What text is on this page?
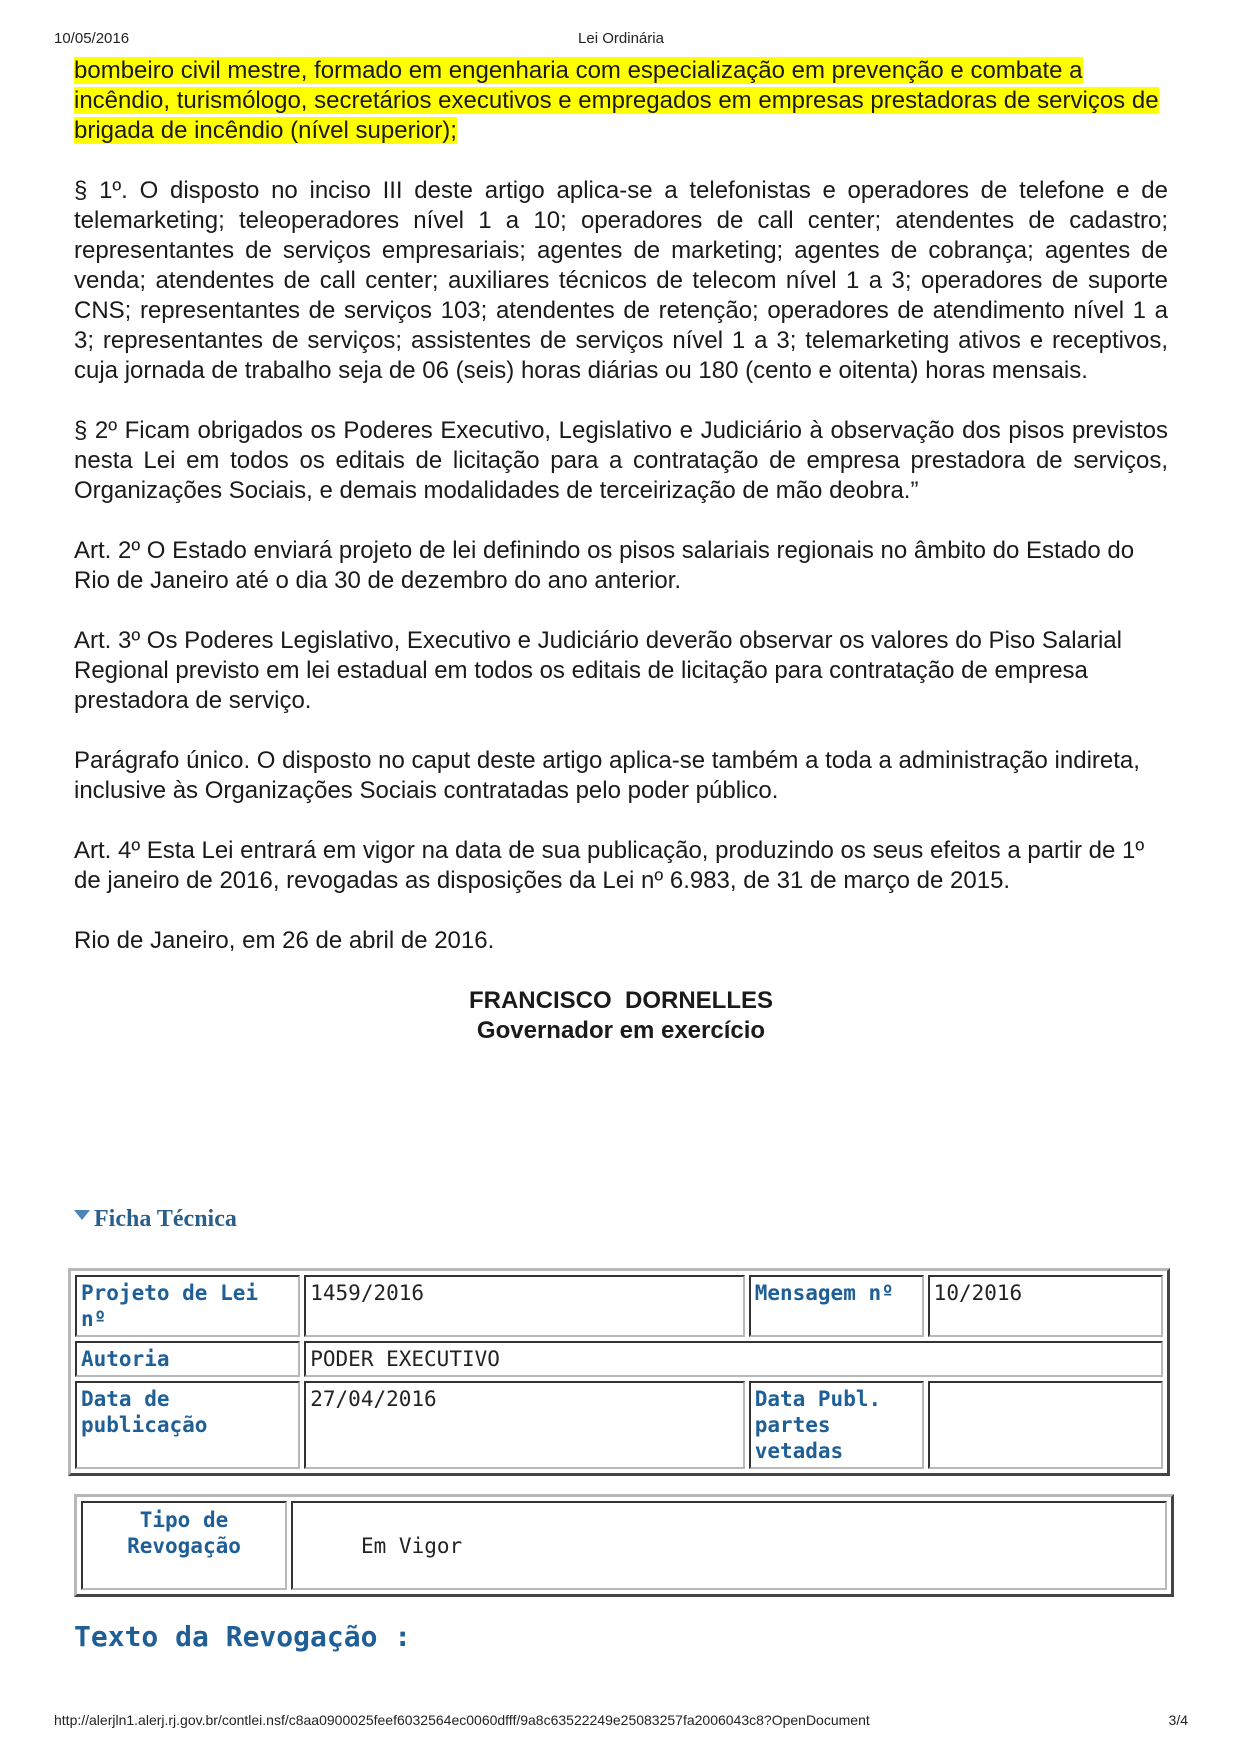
10/05/2016	Lei Ordinária

bombeiro civil mestre, formado em engenharia com especialização em prevenção e combate a incêndio, turismólogo, secretários executivos e empregados em empresas prestadoras de serviços de brigada de incêndio (nível superior);

§ 1º. O disposto no inciso III deste artigo aplica-se a telefonistas e operadores de telefone e de telemarketing; teleoperadores nível 1 a 10; operadores de call center; atendentes de cadastro; representantes de serviços empresariais; agentes de marketing; agentes de cobrança; agentes de venda; atendentes de call center; auxiliares técnicos de telecom nível 1 a 3; operadores de suporte CNS; representantes de serviços 103; atendentes de retenção; operadores de atendimento nível 1 a 3; representantes de serviços; assistentes de serviços nível 1 a 3; telemarketing ativos e receptivos, cuja jornada de trabalho seja de 06 (seis) horas diárias ou 180 (cento e oitenta) horas mensais.

§ 2º Ficam obrigados os Poderes Executivo, Legislativo e Judiciário à observação dos pisos previstos nesta Lei em todos os editais de licitação para a contratação de empresa prestadora de serviços, Organizações Sociais, e demais modalidades de terceirização de mão deobra.”

Art. 2º O Estado enviará projeto de lei definindo os pisos salariais regionais no âmbito do Estado do Rio de Janeiro até o dia 30 de dezembro do ano anterior.

Art. 3º Os Poderes Legislativo, Executivo e Judiciário deverão observar os valores do Piso Salarial Regional previsto em lei estadual em todos os editais de licitação para contratação de empresa prestadora de serviço.

Parágrafo único. O disposto no caput deste artigo aplica-se também a toda a administração indireta, inclusive às Organizações Sociais contratadas pelo poder público.

Art. 4º Esta Lei entrará em vigor na data de sua publicação, produzindo os seus efeitos a partir de 1º de janeiro de 2016, revogadas as disposições da Lei nº 6.983, de 31 de março de 2015.

Rio de Janeiro, em 26 de abril de 2016.

FRANCISCO  DORNELLES
Governador em exercício
Ficha Técnica
Projeto de Lei nº	1459/2016	Mensagem nº	10/2016
Autoria	PODER EXECUTIVO		
Data de publicação	27/04/2016	Data Publ. partes vetadas	
Tipo de Revogação	Em Vigor
Texto da Revogação :
http://alerjln1.alerj.rj.gov.br/contlei.nsf/c8aa0900025feef6032564ec0060dfff/9a8c63522249e25083257fa2006043c8?OpenDocument	3/4
